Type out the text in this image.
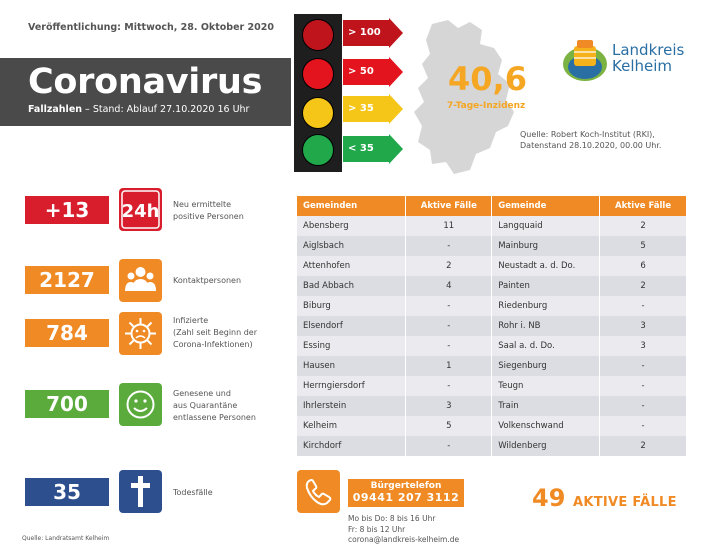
Veröffentlichung: Mittwoch, 28. Oktober 2020
Coronavirus
Fallzahlen – Stand: Ablauf 27.10.2020 16 Uhr
> 100
> 50
> 35
< 35
40,6
7-Tage-Inzidenz
Quelle: Robert Koch-Institut (RKI),
Datenstand 28.10.2020, 00.00 Uhr.
Landkreis
Kelheim
+13	24h Neu ermittelte
positive Personen
2127	Kontaktpersonen
784
Infizierte
(Zahl seit Beginn der
Corona-Infektionen)
700	Genesene und
aus Quarantäne
entlassene Personen
35	Todesfälle
Gemeinden	Aktive Fälle	Gemeinde	Aktive Fälle
Abensberg	11	Langquaid	2
Aiglsbach	-	Mainburg	5
Attenhofen	2	Neustadt a. d. Do.	6
Bad Abbach	4	Painten	2
Biburg	-	Riedenburg	-
Elsendorf	-	Rohr i. NB	3
Essing	-	Saal a. d. Do.	3
Hausen	1	Siegenburg	-
Herrngiersdorf	-	Teugn	-
Ihrlerstein	3	Train	-
Kelheim	5	Volkenschwand	-
Kirchdorf	-	Wildenberg	2
Bürgertelefon
09441 207 3112
Mo bis Do: 8 bis 16 Uhr
Fr: 8 bis 12 Uhr
corona@landkreis-kelheim.de
49 AKTIVE FÄLLE
Quelle: Landratsamt Kelheim
